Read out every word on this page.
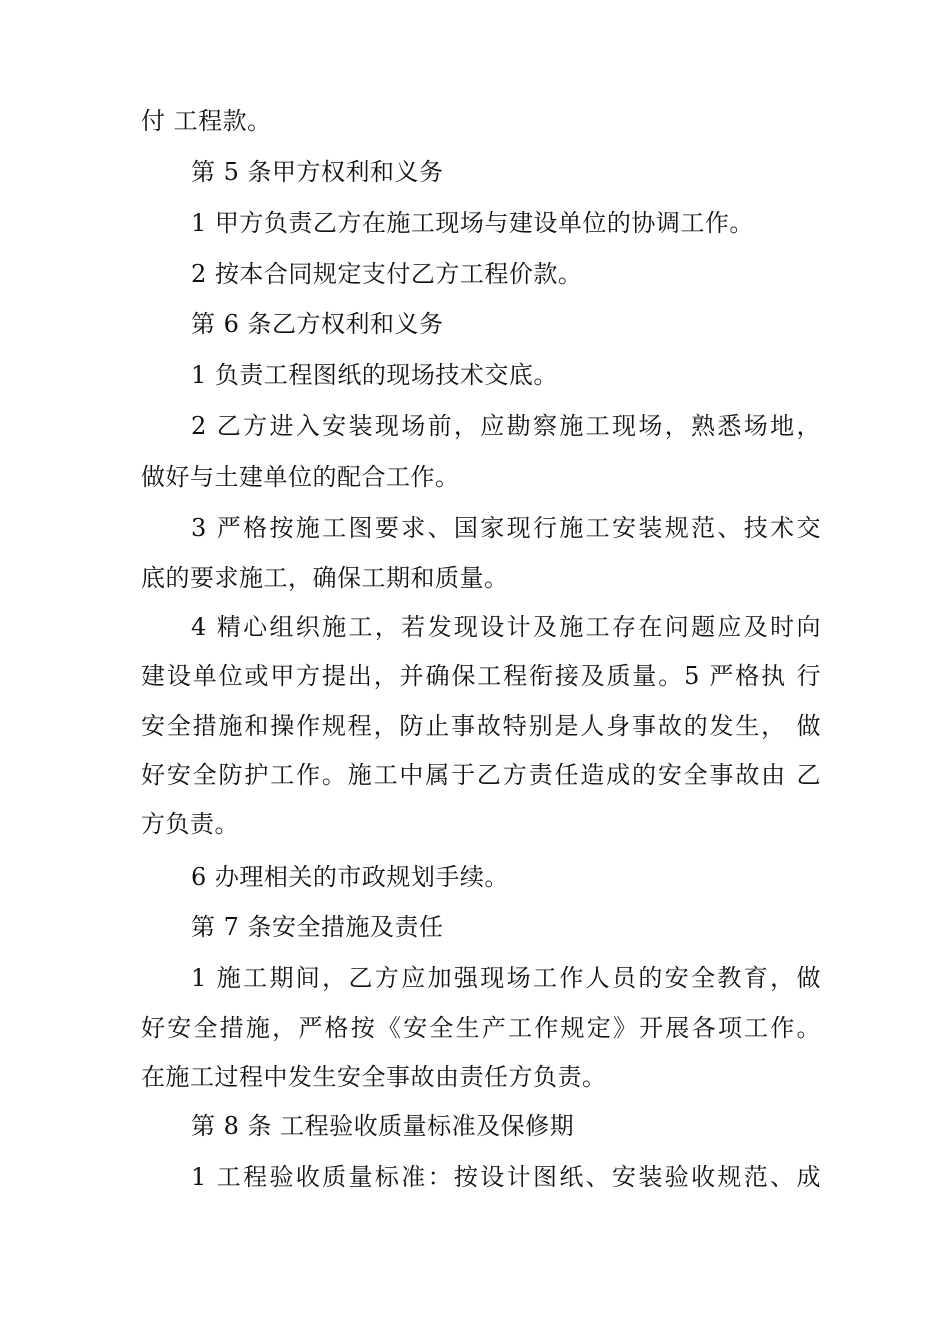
付 工程款。
第 5 条甲方权利和义务
1 甲方负责乙方在施工现场与建设单位的协调工作。
2 按本合同规定支付乙方工程价款。
第 6 条乙方权利和义务
1 负责工程图纸的现场技术交底。
2 乙方进入安装现场前，应勘察施工现场，熟悉场地，
做好与土建单位的配合工作。
3 严格按施工图要求、国家现行施工安装规范、技术交
底的要求施工，确保工期和质量。
4 精心组织施工，若发现设计及施工存在问题应及时向
建设单位或甲方提出，并确保工程衔接及质量。5 严格执 行
安全措施和操作规程，防止事故特别是人身事故的发生， 做
好安全防护工作。施工中属于乙方责任造成的安全事故由 乙
方负责。
6 办理相关的市政规划手续。
第 7 条安全措施及责任
1 施工期间，乙方应加强现场工作人员的安全教育，做
好安全措施，严格按《安全生产工作规定》开展各项工作。
在施工过程中发生安全事故由责任方负责。
第 8 条 工程验收质量标准及保修期
1 工程验收质量标准：按设计图纸、安装验收规范、成
